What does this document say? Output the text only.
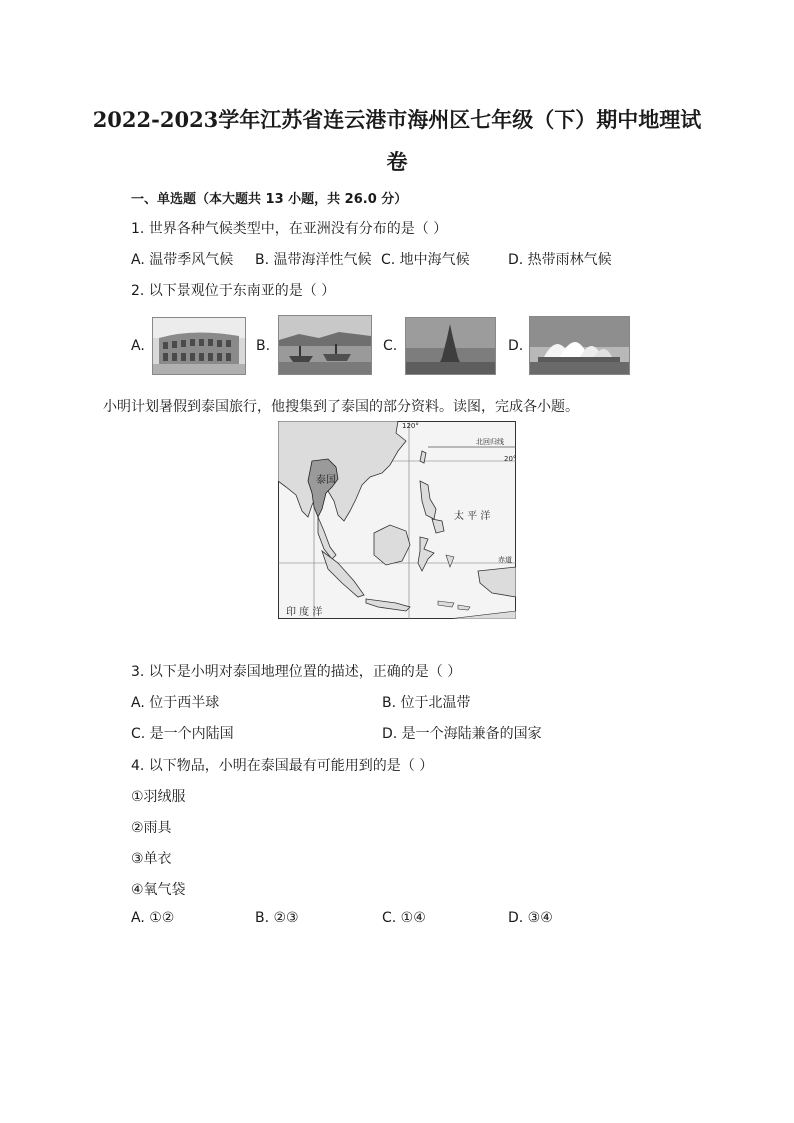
2022-2023学年江苏省连云港市海州区七年级（下）期中地理试
卷
一、单选题（本大题共 13 小题，共 26.0 分）
1. 世界各种气候类型中，在亚洲没有分布的是（ ）
A. 温带季风气候 B. 温带海洋性气候 C. 地中海气候	D. 热带雨林气候
2. 以下景观位于东南亚的是（ ）
A.	B.	C.	D.
小明计划暑假到泰国旅行，他搜集到了泰国的部分资料。读图，完成各小题。
泰国
太 平 洋
印 度 洋
120°
20°
北回归线
赤道
3. 以下是小明对泰国地理位置的描述，正确的是（ ）
A. 位于西半球	B. 位于北温带
C. 是一个内陆国	D. 是一个海陆兼备的国家
4. 以下物品，小明在泰国最有可能用到的是（ ）
①羽绒服
②雨具
③单衣
④氧气袋
A. ①②	B. ②③	C. ①④	D. ③④
